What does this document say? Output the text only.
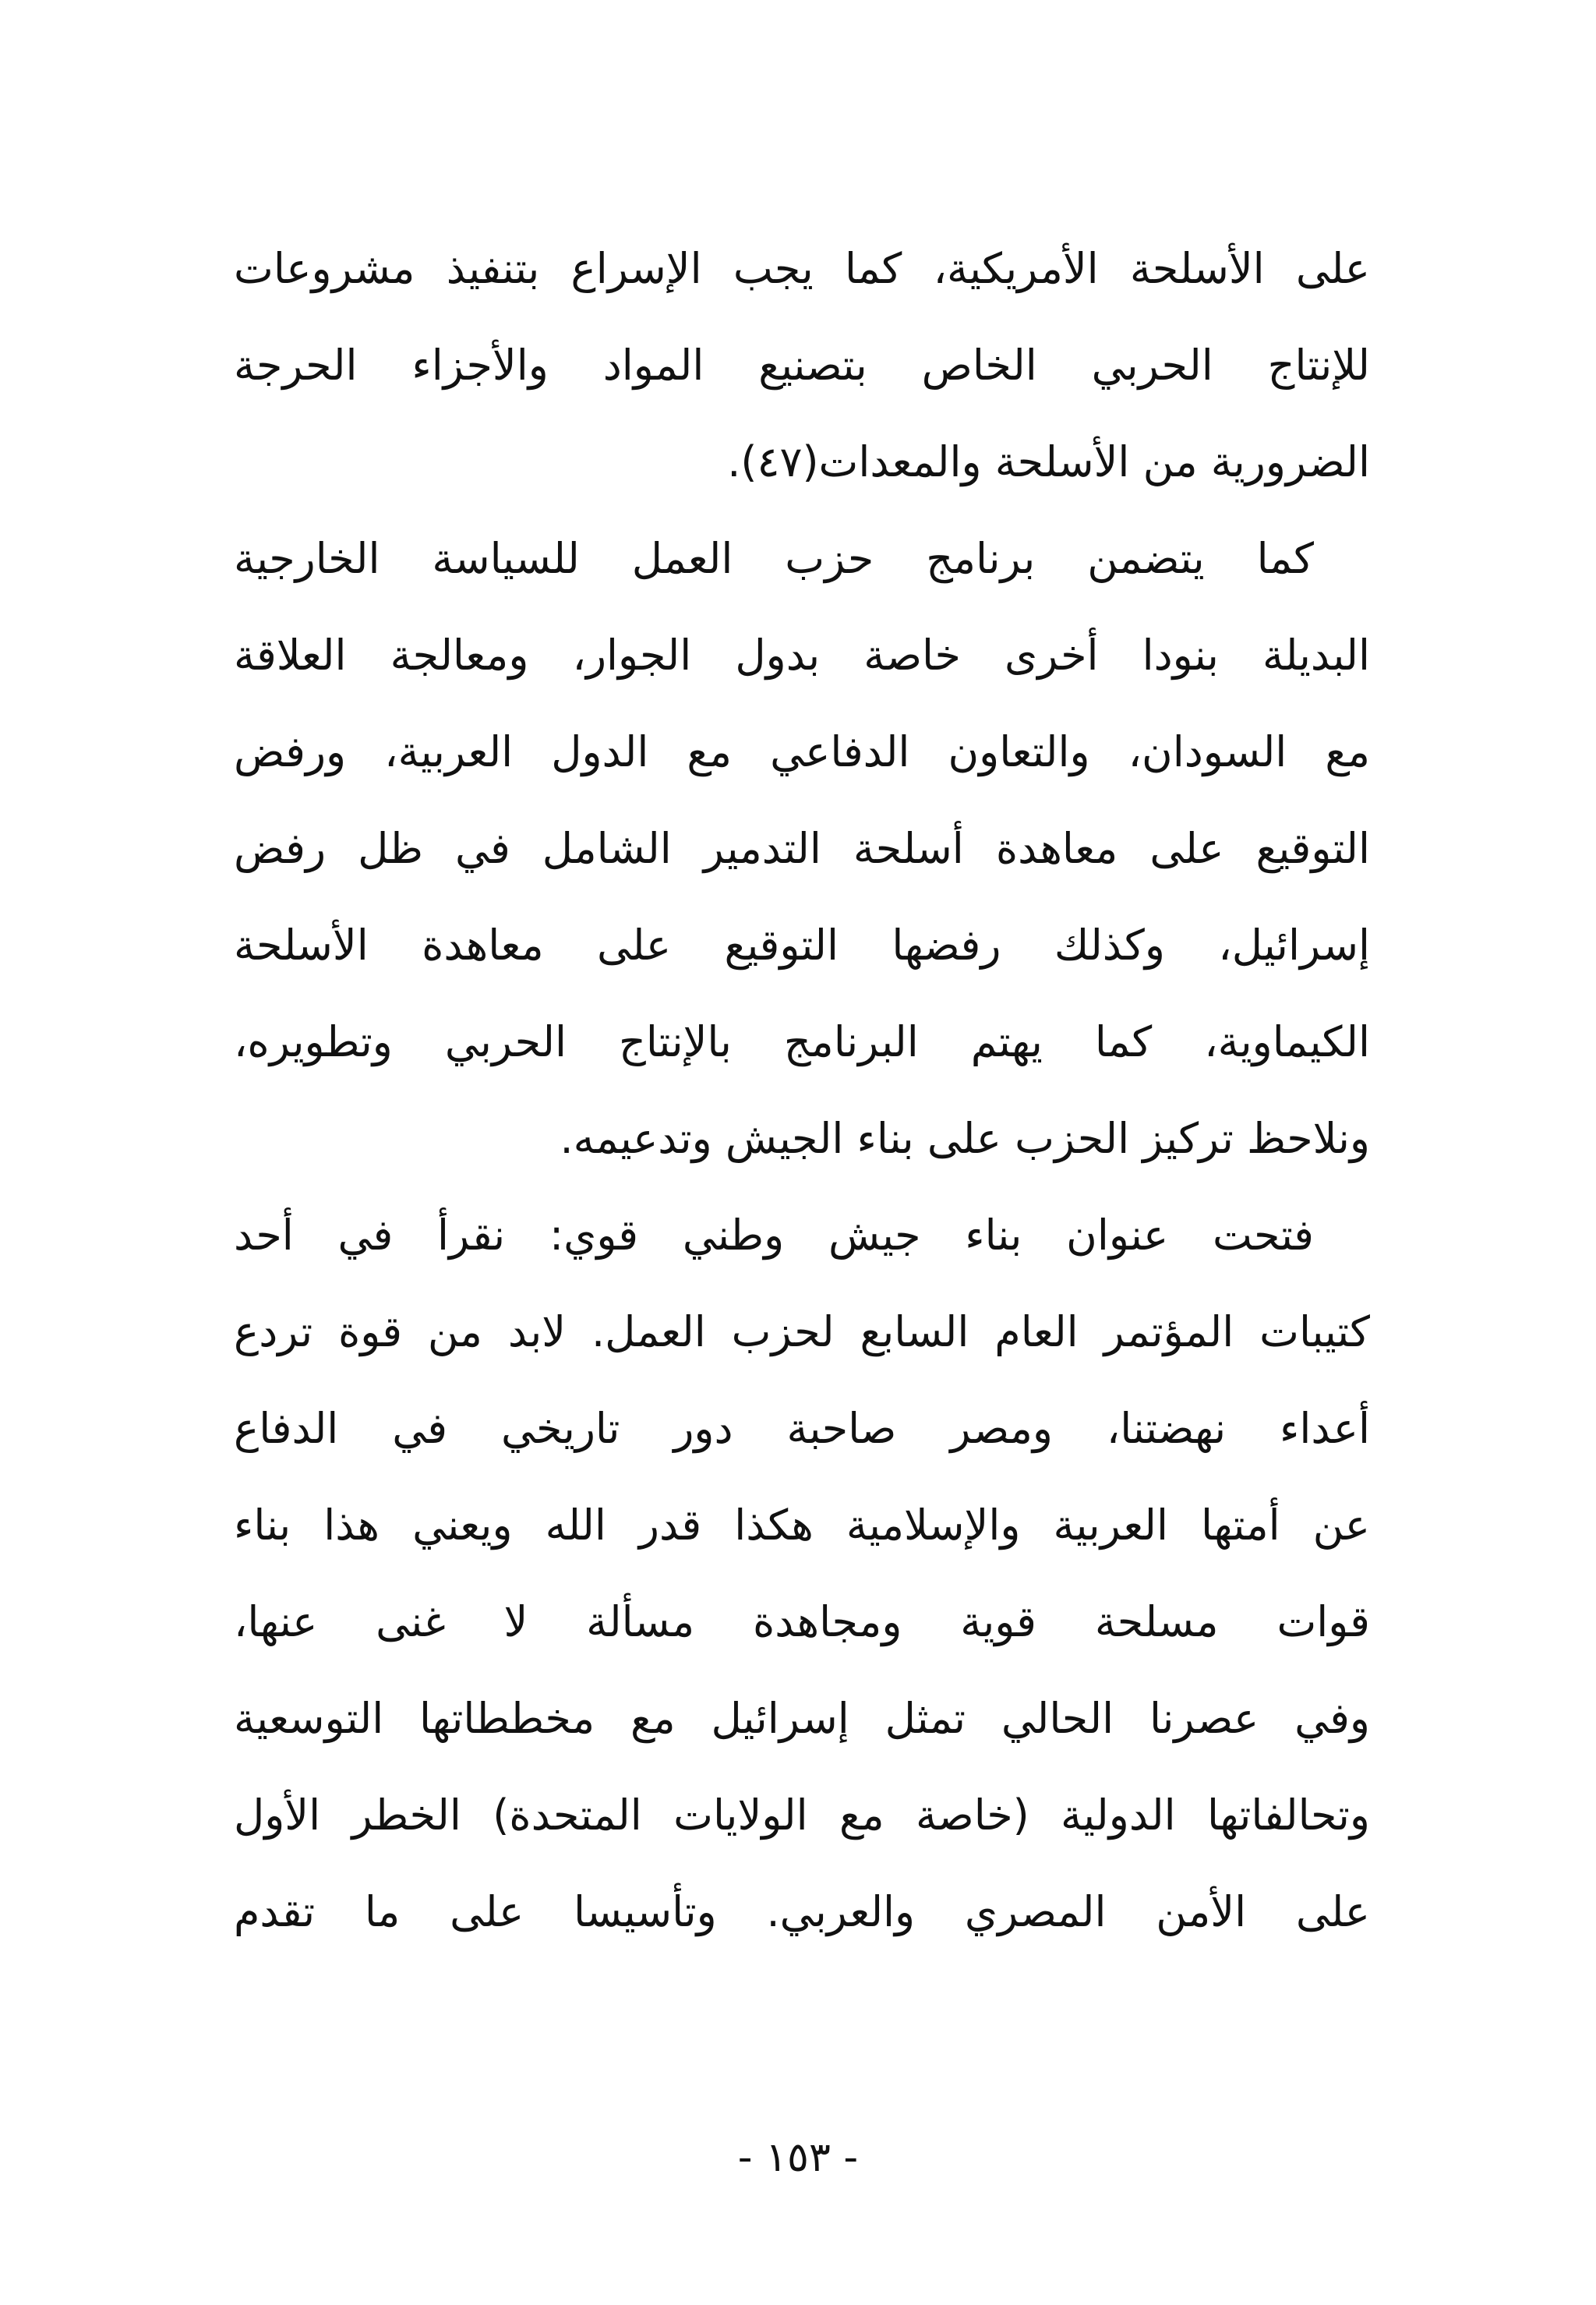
على الأسلحة الأمريكية، كما يجب الإسراع بتنفيذ مشروعات
للإنتاج الحربي الخاص بتصنيع المواد والأجزاء الحرجة
الضرورية من الأسلحة والمعدات(٤٧).
كما يتضمن برنامج حزب العمل للسياسة الخارجية
البديلة بنودا أخرى خاصة بدول الجوار، ومعالجة العلاقة
مع السودان، والتعاون الدفاعي مع الدول العربية، ورفض
التوقيع على معاهدة أسلحة التدمير الشامل في ظل رفض
إسرائيل، وكذلك رفضها التوقيع على معاهدة الأسلحة
الكيماوية، كما يهتم البرنامج بالإنتاج الحربي وتطويره،
ونلاحظ تركيز الحزب على بناء الجيش وتدعيمه.
فتحت عنوان بناء جيش وطني قوي: نقرأ في أحد
كتيبات المؤتمر العام السابع لحزب العمل. لابد من قوة تردع
أعداء نهضتنا، ومصر صاحبة دور تاريخي في الدفاع
عن أمتها العربية والإسلامية هكذا قدر الله ويعني هذا بناء
قوات مسلحة قوية ومجاهدة مسألة لا غنى عنها،
وفي عصرنا الحالي تمثل إسرائيل مع مخططاتها التوسعية
وتحالفاتها الدولية (خاصة مع الولايات المتحدة) الخطر الأول
على الأمن المصري والعربي. وتأسيسا على ما تقدم
- ١٥٣ -
